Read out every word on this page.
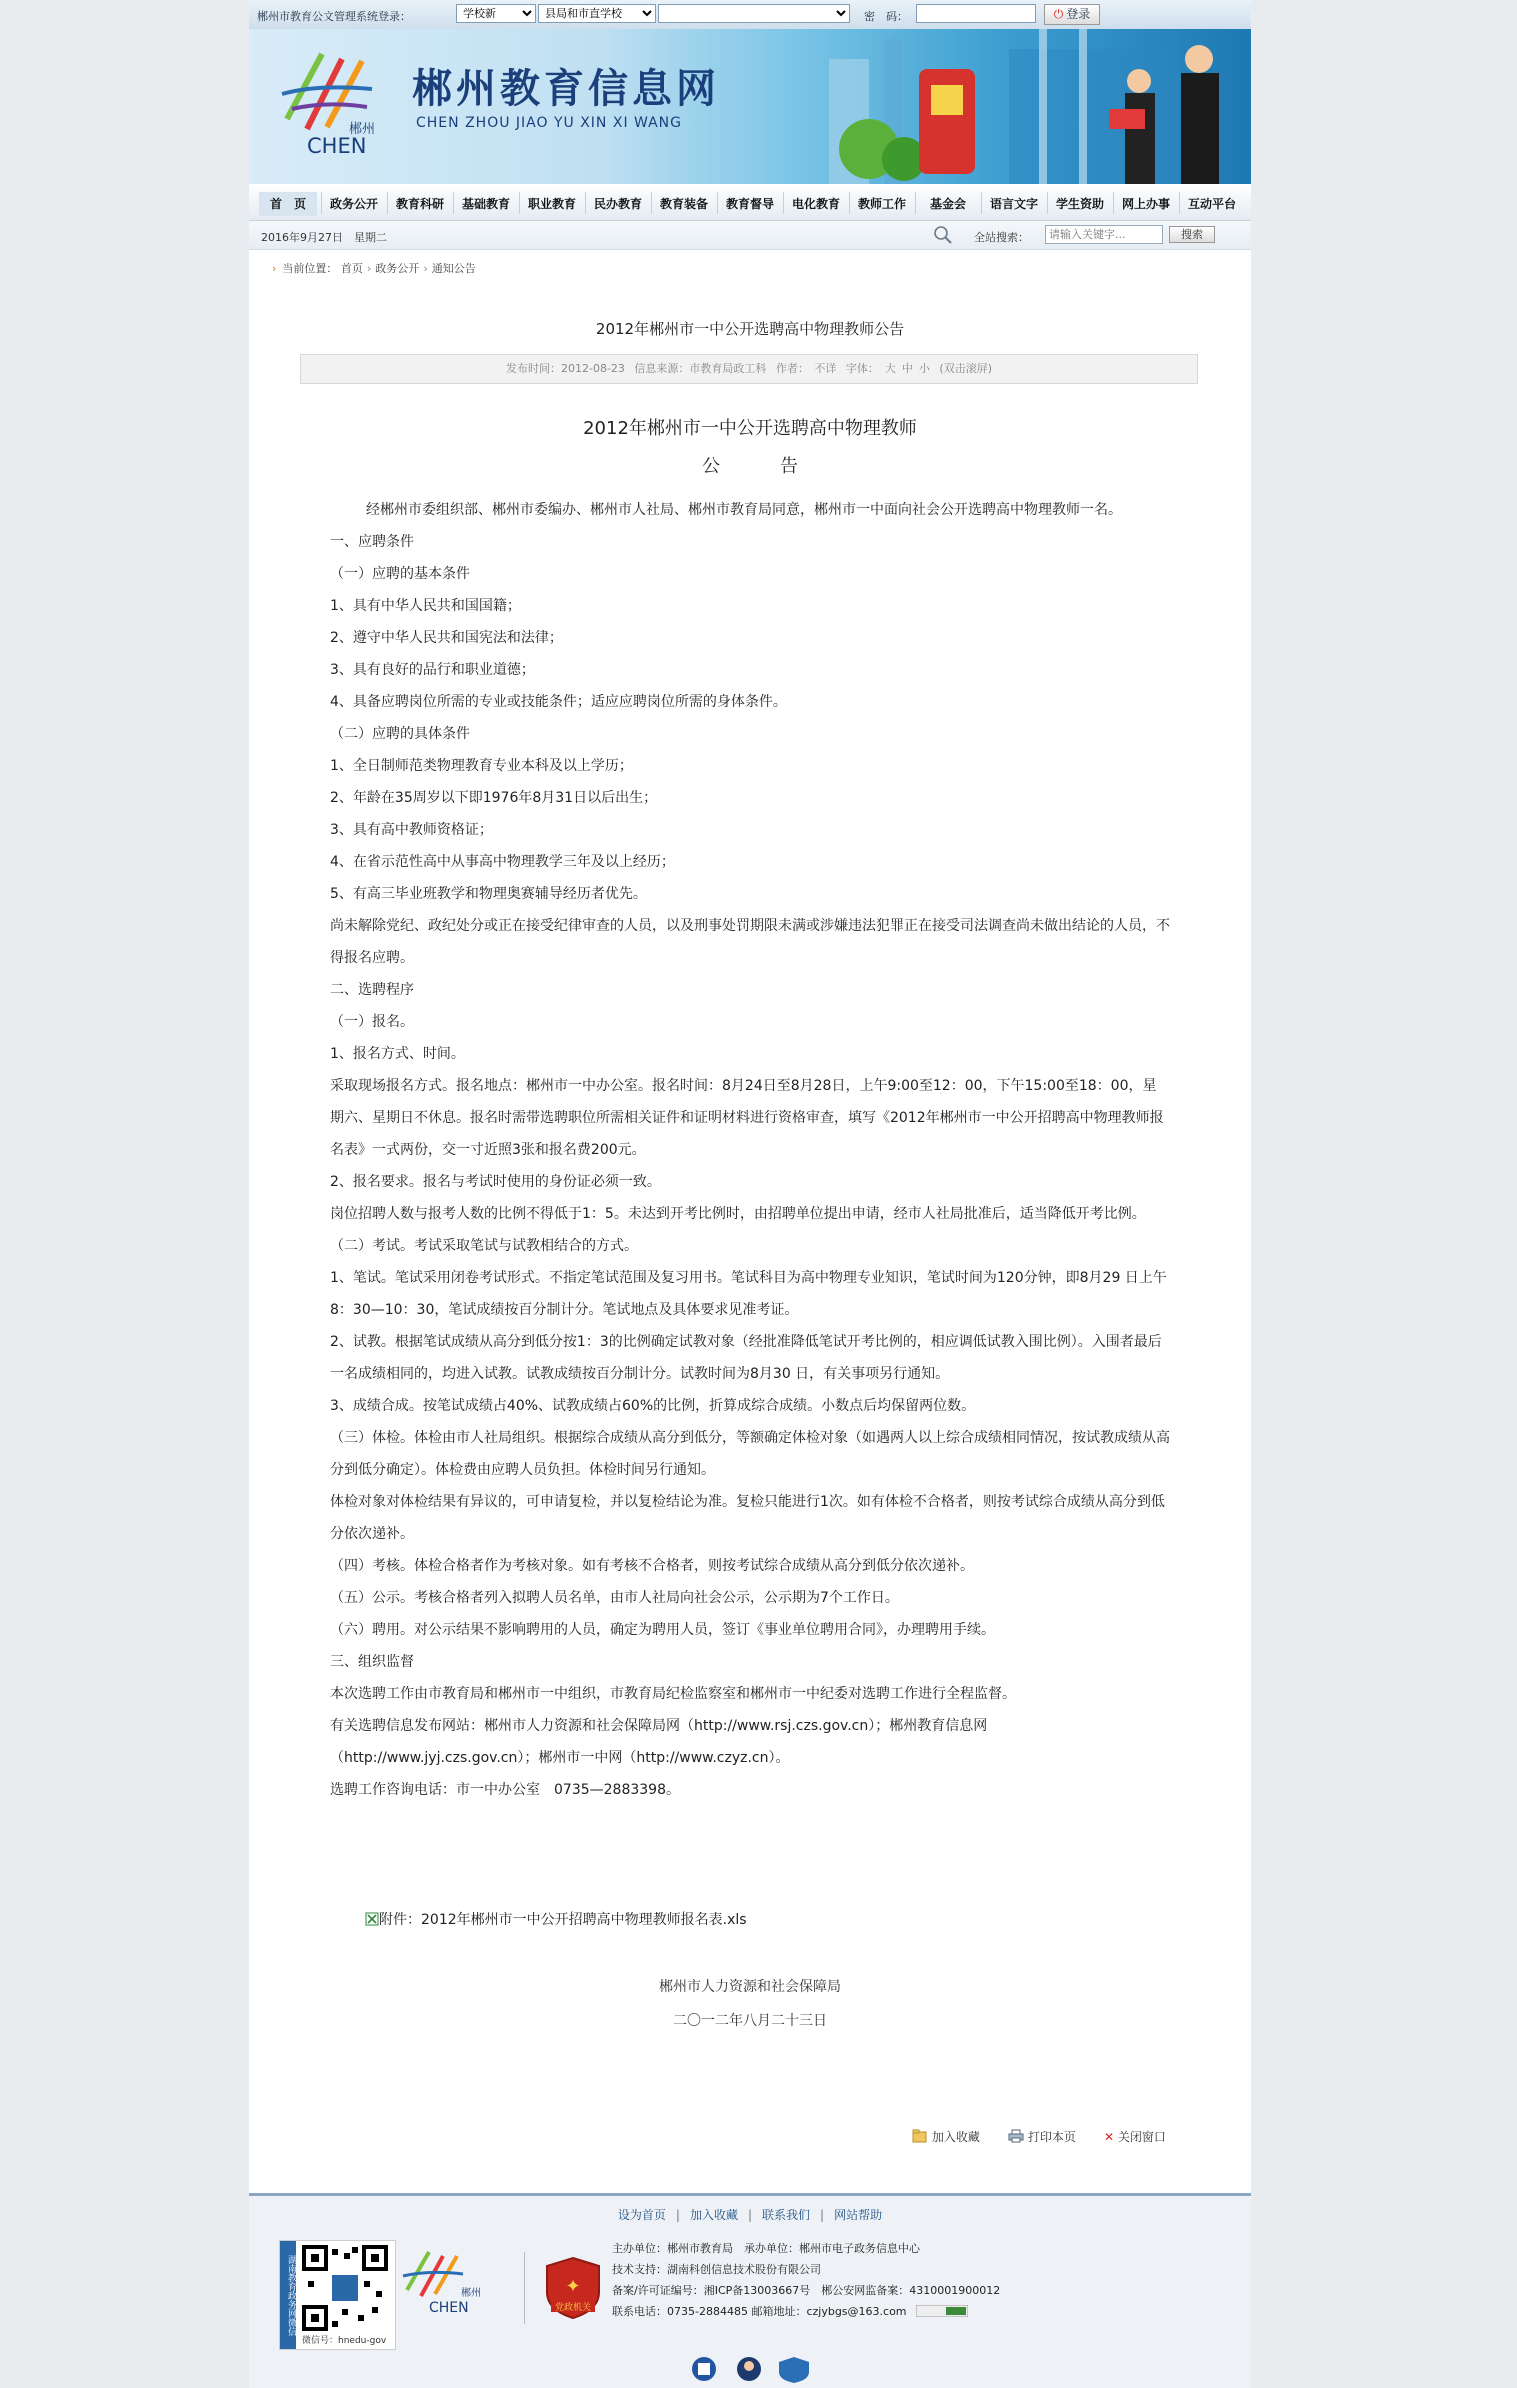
郴州市教育公文管理系统登录：
学校新
县局和市直学校	密　码：	⏻ 登录
郴州
CHEN
郴州教育信息网
CHEN ZHOU JIAO YU XIN XI WANG
首　页	政务公开	教育科研	基础教育	职业教育	民办教育	教育装备	教育督导	电化教育	教师工作	基金会	语言文字	学生资助	网上办事	互动平台
2016年9月27日　星期二	全站搜索：
请输入关键字...	搜索
› 当前位置： 首页 › 政务公开 › 通知公告
2012年郴州市一中公开选聘高中物理教师公告
发布时间：2012-08-23 信息来源：市教育局政工科 作者：　不详 字体： 大 中 小 (双击滚屏)
2012年郴州市一中公开选聘高中物理教师
公告

经郴州市委组织部、郴州市委编办、郴州市人社局、郴州市教育局同意，郴州市一中面向社会公开选聘高中物理教师一名。

一、应聘条件

（一）应聘的基本条件

1、具有中华人民共和国国籍；

2、遵守中华人民共和国宪法和法律；

3、具有良好的品行和职业道德；

4、具备应聘岗位所需的专业或技能条件；适应应聘岗位所需的身体条件。

（二）应聘的具体条件

1、全日制师范类物理教育专业本科及以上学历；

2、年龄在35周岁以下即1976年8月31日以后出生；

3、具有高中教师资格证；

4、在省示范性高中从事高中物理教学三年及以上经历；

5、有高三毕业班教学和物理奥赛辅导经历者优先。

尚未解除党纪、政纪处分或正在接受纪律审查的人员，以及刑事处罚期限未满或涉嫌违法犯罪正在接受司法调查尚未做出结论的人员，不得报名应聘。

二、选聘程序

（一）报名。

1、报名方式、时间。

采取现场报名方式。报名地点：郴州市一中办公室。报名时间：8月24日至8月28日，上午9:00至12：00，下午15:00至18：00，星期六、星期日不休息。报名时需带选聘职位所需相关证件和证明材料进行资格审查，填写《2012年郴州市一中公开招聘高中物理教师报名表》一式两份，交一寸近照3张和报名费200元。

2、报名要求。报名与考试时使用的身份证必须一致。

岗位招聘人数与报考人数的比例不得低于1：5。未达到开考比例时，由招聘单位提出申请，经市人社局批准后，适当降低开考比例。

（二）考试。考试采取笔试与试教相结合的方式。

1、笔试。笔试采用闭卷考试形式。不指定笔试范围及复习用书。笔试科目为高中物理专业知识，笔试时间为120分钟，即8月29 日上午8：30—10：30，笔试成绩按百分制计分。笔试地点及具体要求见准考证。

2、试教。根据笔试成绩从高分到低分按1：3的比例确定试教对象（经批准降低笔试开考比例的，相应调低试教入围比例）。入围者最后一名成绩相同的，均进入试教。试教成绩按百分制计分。试教时间为8月30 日，有关事项另行通知。

3、成绩合成。按笔试成绩占40%、试教成绩占60%的比例，折算成综合成绩。小数点后均保留两位数。

（三）体检。体检由市人社局组织。根据综合成绩从高分到低分，等额确定体检对象（如遇两人以上综合成绩相同情况，按试教成绩从高分到低分确定）。体检费由应聘人员负担。体检时间另行通知。

体检对象对体检结果有异议的，可申请复检，并以复检结论为准。复检只能进行1次。如有体检不合格者，则按考试综合成绩从高分到低分依次递补。

（四）考核。体检合格者作为考核对象。如有考核不合格者，则按考试综合成绩从高分到低分依次递补。

（五）公示。考核合格者列入拟聘人员名单，由市人社局向社会公示，公示期为7个工作日。

（六）聘用。对公示结果不影响聘用的人员，确定为聘用人员，签订《事业单位聘用合同》，办理聘用手续。

三、组织监督

本次选聘工作由市教育局和郴州市一中组织，市教育局纪检监察室和郴州市一中纪委对选聘工作进行全程监督。

有关选聘信息发布网站：郴州市人力资源和社会保障局网（http://www.rsj.czs.gov.cn）；郴州教育信息网（http://www.jyj.czs.gov.cn）；郴州市一中网（http://www.czyz.cn）。

选聘工作咨询电话：市一中办公室　0735—2883398。

附件：2012年郴州市一中公开招聘高中物理教师报名表.xls
郴州市人力资源和社会保障局
二〇一二年八月二十三日
加入收藏	打印本页 ✕ 关闭窗口
设为首页 | 加入收藏 | 联系我们 | 网站帮助
湖南教育政务网微信
微信号：hnedu-gov
郴州
CHEN
✦
党政机关
主办单位：郴州市教育局　承办单位：郴州市电子政务信息中心
技术支持：湖南科创信息技术股份有限公司
备案/许可证编号：湘ICP备13003667号　郴公安网监备案：4310001900012
联系电话：0735-2884485 邮箱地址：czjybgs@163.com
